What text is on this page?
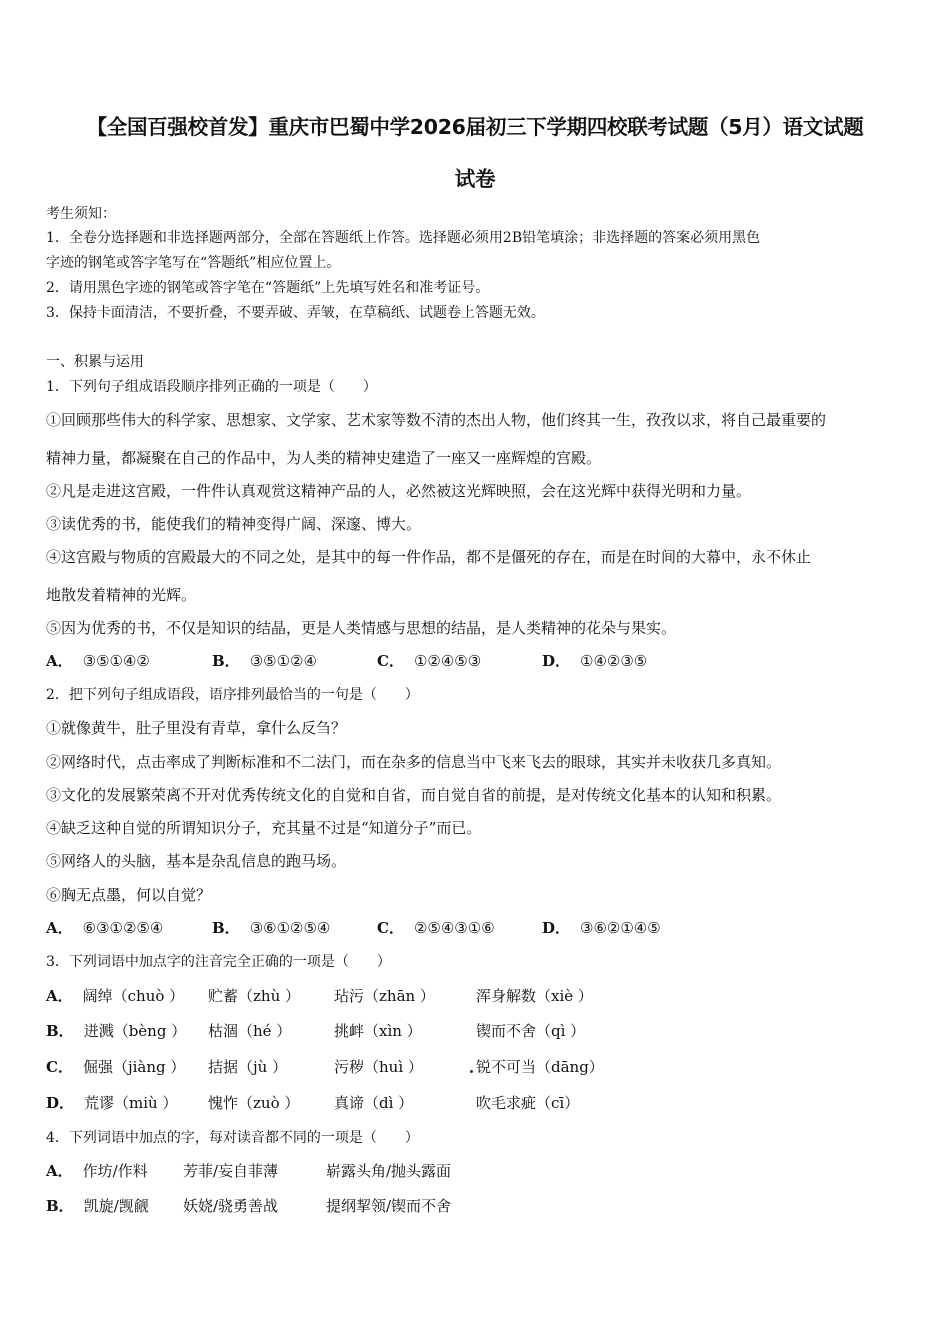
【全国百强校首发】重庆市巴蜀中学2026届初三下学期四校联考试题（5月）语文试题
试卷
考生须知：
1．全卷分选择题和非选择题两部分，全部在答题纸上作答。选择题必须用2B铅笔填涂；非选择题的答案必须用黑色
字迹的钢笔或答字笔写在“答题纸”相应位置上。
2．请用黑色字迹的钢笔或答字笔在“答题纸”上先填写姓名和准考证号。
3．保持卡面清洁，不要折叠，不要弄破、弄皱，在草稿纸、试题卷上答题无效。
一、积累与运用
1．下列句子组成语段顺序排列正确的一项是（　　）
①回顾那些伟大的科学家、思想家、文学家、艺术家等数不清的杰出人物，他们终其一生，孜孜以求，将自己最重要的
精神力量，都凝聚在自己的作品中，为人类的精神史建造了一座又一座辉煌的宫殿。
②凡是走进这宫殿，一件件认真观赏这精神产品的人，必然被这光辉映照，会在这光辉中获得光明和力量。
③读优秀的书，能使我们的精神变得广阔、深邃、博大。
④这宫殿与物质的宫殿最大的不同之处，是其中的每一件作品，都不是僵死的存在，而是在时间的大幕中，永不休止
地散发着精神的光辉。
⑤因为优秀的书，不仅是知识的结晶，更是人类情感与思想的结晶，是人类精神的花朵与果实。
A． ③⑤①④②	B． ③⑤①②④	C． ①②④⑤③	D． ①④②③⑤
2．把下列句子组成语段，语序排列最恰当的一句是（　　）
①就像黄牛，肚子里没有青草，拿什么反刍？
②网络时代，点击率成了判断标准和不二法门，而在杂多的信息当中飞来飞去的眼球，其实并未收获几多真知。
③文化的发展繁荣离不开对优秀传统文化的自觉和自省，而自觉自省的前提，是对传统文化基本的认知和积累。
④缺乏这种自觉的所谓知识分子，充其量不过是“知道分子”而已。
⑤网络人的头脑，基本是杂乱信息的跑马场。
⑥胸无点墨，何以自觉？
A． ⑥③①②⑤④	B． ③⑥①②⑤④	C． ②⑤④③①⑥	D． ③⑥②①④⑤
3．下列词语中加点字的注音完全正确的一项是（　　）
A． 阔绰（chuò ） 贮蓄（zhù ） 玷污（zhān ）	浑身解数（xiè ）
B． 迸溅（bèng ） 枯涸（hé ）	挑衅（xìn ）	锲而不舍（qì ）
C． 倔强（jiàng ） 拮据（jù ）	污秽（huì ）	锐不可当（dāng）
D． 荒谬（miù ） 愧怍（zuò ） 真谛（dì ）	吹毛求疵（cī）
4．下列词语中加点的字，每对读音都不同的一项是（　　）
A． 作坊/作料 芳菲/妄自菲薄	崭露头角/抛头露面
B． 凯旋/觊觎 妖娆/骁勇善战	提纲挈领/锲而不舍
